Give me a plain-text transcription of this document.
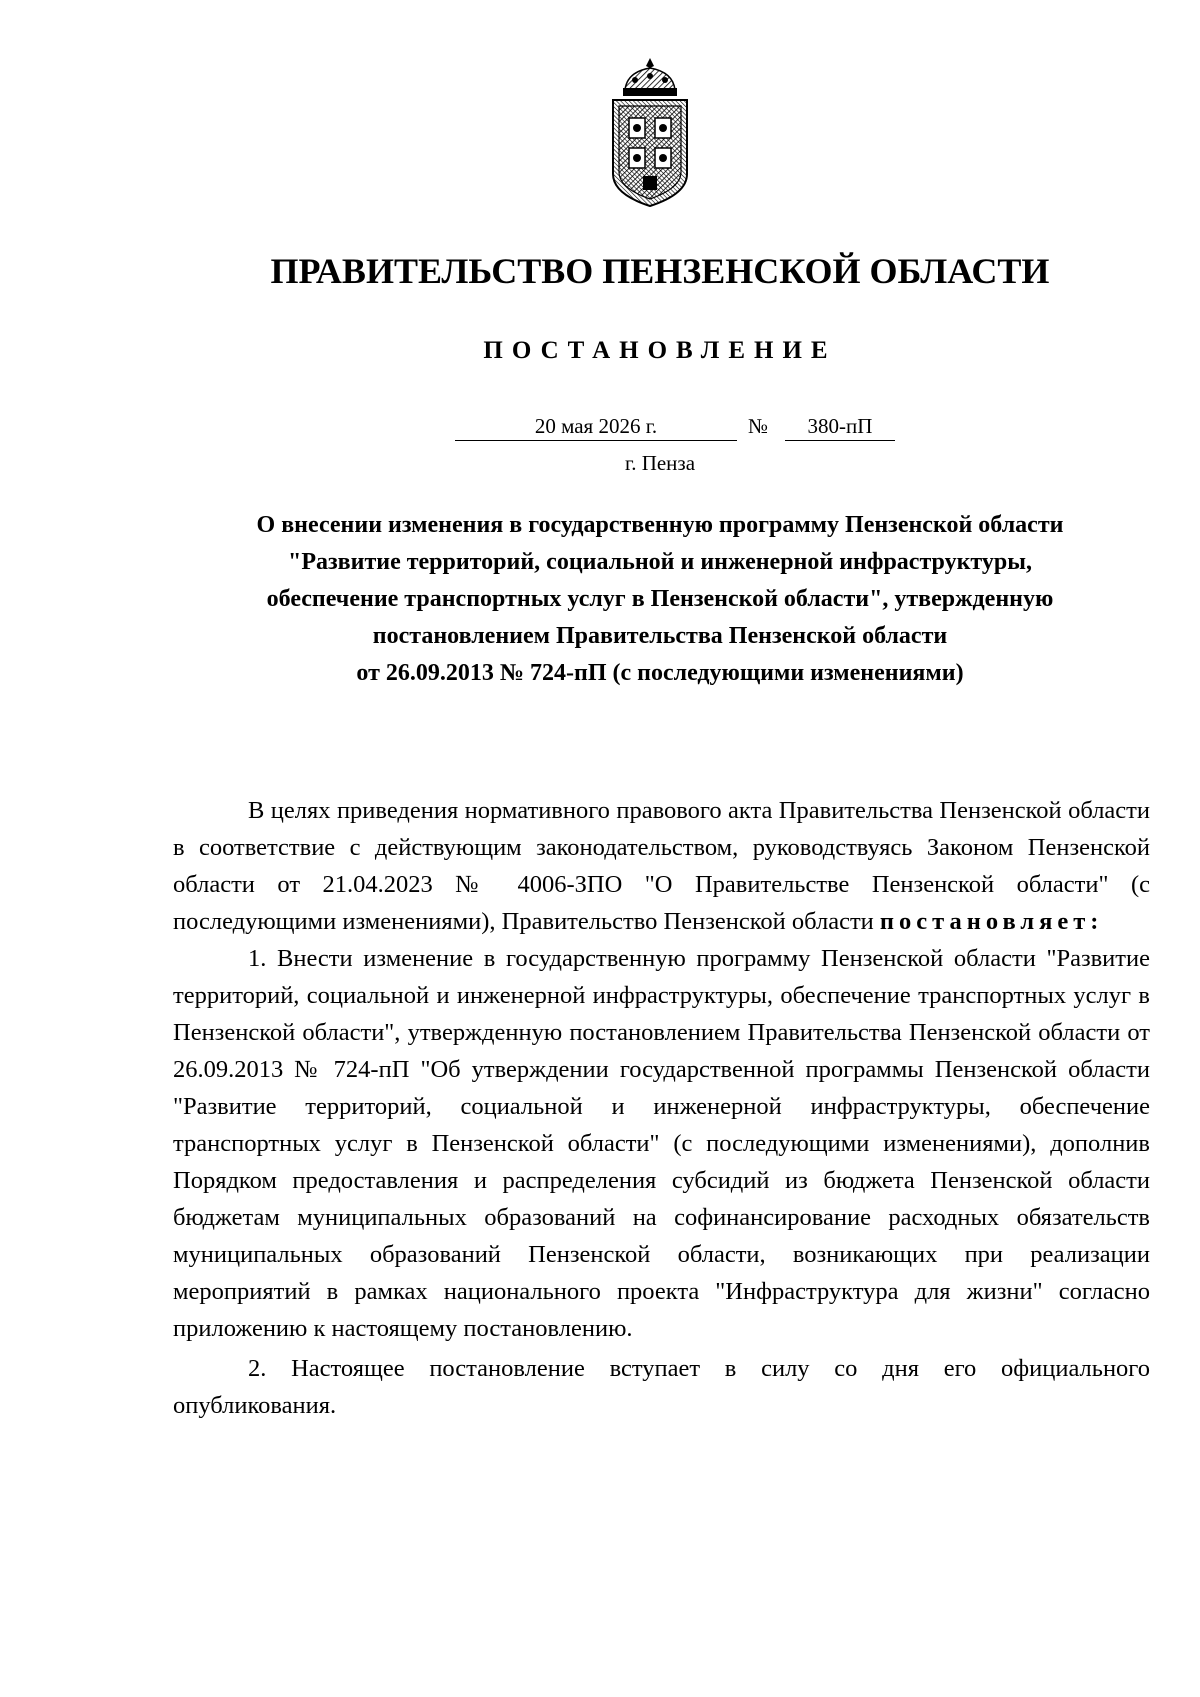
ПРАВИТЕЛЬСТВО ПЕНЗЕНСКОЙ ОБЛАСТИ
ПОСТАНОВЛЕНИЕ
20 мая 2026 г.	№	380-пП
г. Пенза
О внесении изменения в государственную программу Пензенской области
"Развитие территорий, социальной и инженерной инфраструктуры,
обеспечение транспортных услуг в Пензенской области", утвержденную
постановлением Правительства Пензенской области
от 26.09.2013 № 724-пП (с последующими изменениями)

В целях приведения нормативного правового акта Правительства Пензенской области в соответствие с действующим законодательством, руководствуясь Законом Пензенской области от 21.04.2023 № 4006-ЗПО "О Правительстве Пензенской области" (с последующими изменениями), Правительство Пензенской области постановляет:

1. Внести изменение в государственную программу Пензенской области "Развитие территорий, социальной и инженерной инфраструктуры, обеспечение транспортных услуг в Пензенской области", утвержденную постановлением Правительства Пензенской области от 26.09.2013 № 724-пП "Об утверждении государственной программы Пензенской области "Развитие территорий, социальной и инженерной инфраструктуры, обеспечение транспортных услуг в Пензенской области" (с последующими изменениями), дополнив Порядком предоставления и распределения субсидий из бюджета Пензенской области бюджетам муниципальных образований на софинансирование расходных обязательств муниципальных образований Пензенской области, возникающих при реализации мероприятий в рамках национального проекта "Инфраструктура для жизни" согласно приложению к настоящему постановлению.

2. Настоящее постановление вступает в силу со дня его официального опубликования.
